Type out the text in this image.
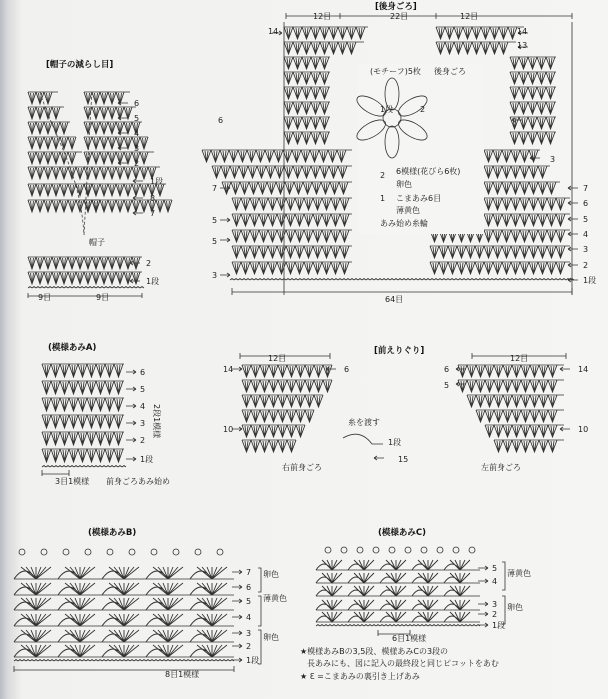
[帽子の減らし目]
帽子
6
5
4
3
2
1段
8
7
2
1段
9目	9目
[後身ごろ]
12目	22目	12目
64目
14	14
13
6
7
5
5
3
3
7
6
5
4
3
2
1段
(モチーフ)5枚 後身ごろ
1段	2
2 6模様(花びら6枚)
卵色
1 こまあみ6目
薄黄色
あみ始め糸輪
(模様あみA)
6
5
4
3
2
1段
2段1模様
3目1模様 前身ごろあみ始め
[前えりぐり]
12目	12目
14	6
10
6
5
14
10
糸を渡す
1段
15
右前身ごろ	左前身ごろ
(模様あみB)
7
6
5
4
3
2
1段
卵色
薄黄色
卵色
8目1模様
(模様あみC)
5
4
3
2
1段
薄黄色
卵色
6目1模様
★模様あみBの3,5段、模様あみCの3段の
長あみにも、図に記入の最終段と同じピコットをあむ
★ Ɛ =こまあみの裏引き上げあみ
